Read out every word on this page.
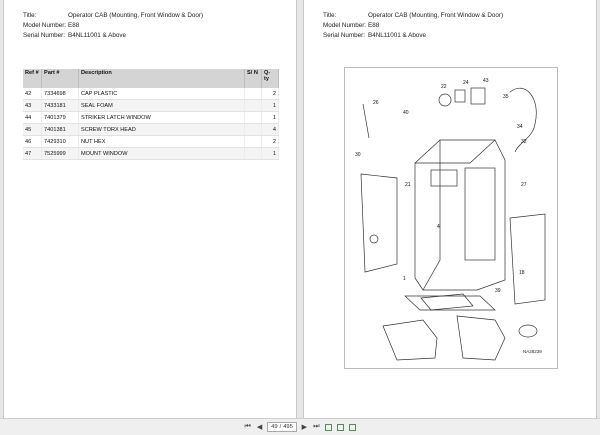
Title:	Operator CAB (Mounting, Front Window & Door)
Model Number: E88
Serial Number: B4NL11001 & Above
Ref #	Part #	Description	S/ N	Q- ty
42	7334698	CAP PLASTIC		2
43	7433181	SEAL FOAM		1
44	7401379	STRIKER LATCH WINDOW		1
45	7401381	SCREW TORX HEAD		4
46	7429310	NUT HEX		2
47	7525999	MOUNT WINDOW		1
Title:	Operator CAB (Mounting, Front Window & Door)
Model Number: E88
Serial Number: B4NL11001 & Above
26
40
22
24	43
35
34
32
30
21	27
4
1
18
39
NA28239
⏮ ◀	49 / 495 ▶ ⏭
